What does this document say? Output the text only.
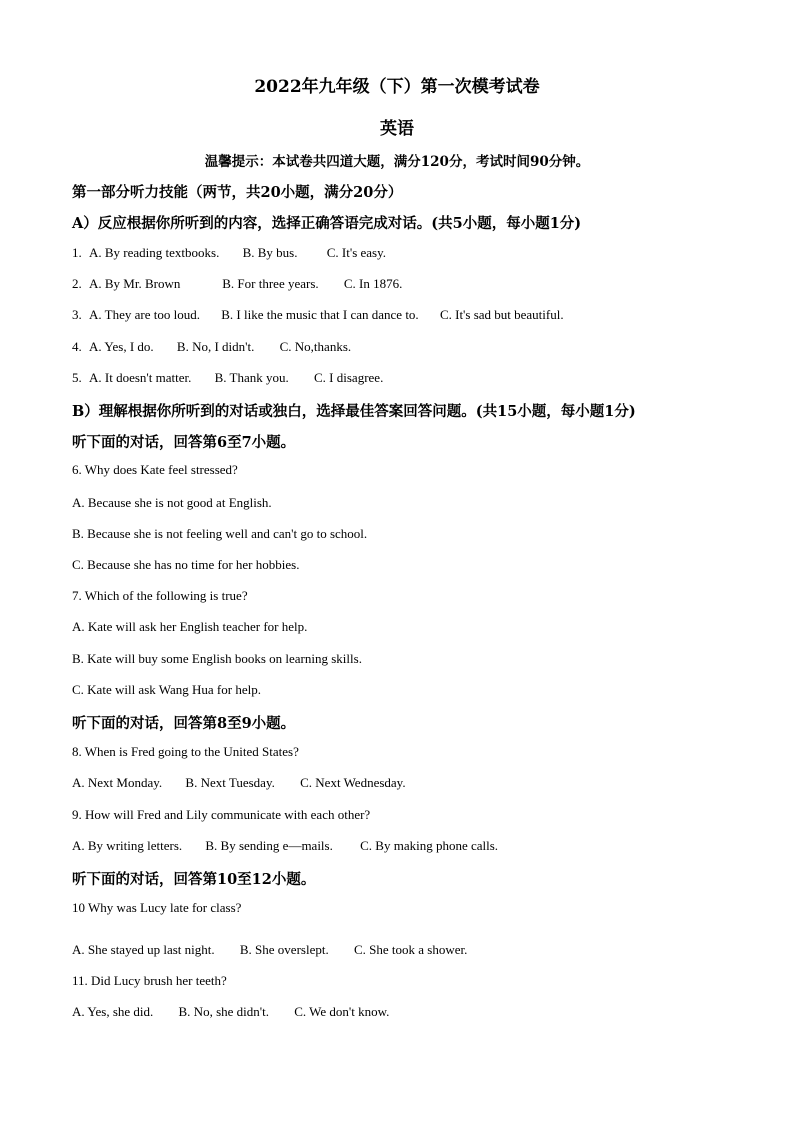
2022年九年级（下）第一次模考试卷
英语
温馨提示：本试卷共四道大题，满分120分，考试时间90分钟。
第一部分听力技能（两节，共20小题，满分20分）
A）反应根据你所听到的内容，选择正确答语完成对话。(共5小题，每小题1分)
1. A. By reading textbooks. B. By bus. C. It's easy.
2. A. By Mr. Brown	B. For three years. C. In 1876.
3. A. They are too loud. B. I like the music that I can dance to. C. It's sad but beautiful.
4. A. Yes, I do. B. No, I didn't. C. No,thanks.
5. A. It doesn't matter. B. Thank you. C. I disagree.
B）理解根据你所听到的对话或独白，选择最佳答案回答问题。(共15小题，每小题1分)
听下面的对话，回答第6至7小题。
6. Why does Kate feel stressed?
A. Because she is not good at English.
B. Because she is not feeling well and can't go to school.
C. Because she has no time for her hobbies.
7. Which of the following is true?
A. Kate will ask her English teacher for help.
B. Kate will buy some English books on learning skills.
C. Kate will ask Wang Hua for help.
听下面的对话，回答第8至9小题。
8. When is Fred going to the United States?
A. Next Monday. B. Next Tuesday. C. Next Wednesday.
9. How will Fred and Lily communicate with each other?
A. By writing letters. B. By sending e—mails. C. By making phone calls.
听下面的对话，回答第10至12小题。
10 Why was Lucy late for class?
A. She stayed up last night. B. She overslept. C. She took a shower.
11. Did Lucy brush her teeth?
A. Yes, she did. B. No, she didn't. C. We don't know.
